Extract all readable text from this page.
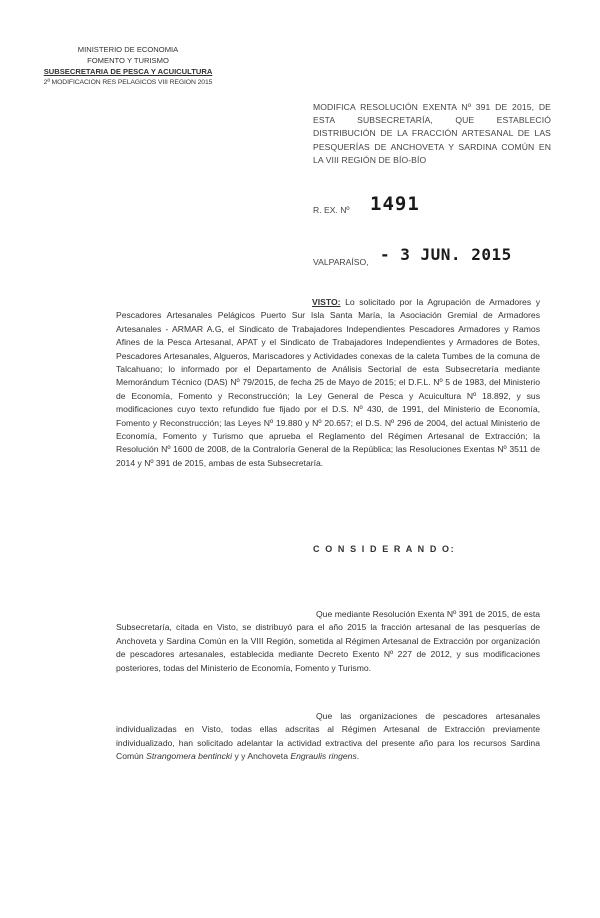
MINISTERIO DE ECONOMIA
FOMENTO Y TURISMO
SUBSECRETARIA DE PESCA Y ACUICULTURA
2ª MODIFICACION RES PELAGICOS VIII REGION 2015
MODIFICA RESOLUCIÓN EXENTA Nº 391 DE 2015, DE ESTA SUBSECRETARÍA, QUE ESTABLECIÓ DISTRIBUCIÓN DE LA FRACCIÓN ARTESANAL DE LAS PESQUERÍAS DE ANCHOVETA Y SARDINA COMÚN EN LA VIII REGIÓN DE BÍO-BÍO
R. EX. Nº 1491
VALPARAÍSO, - 3 JUN. 2015
VISTO: Lo solicitado por la Agrupación de Armadores y Pescadores Artesanales Pelágicos Puerto Sur Isla Santa María, la Asociación Gremial de Armadores Artesanales - ARMAR A.G, el Sindicato de Trabajadores Independientes Pescadores Armadores y Ramos Afines de la Pesca Artesanal, APAT y el Sindicato de Trabajadores Independientes y Armadores de Botes, Pescadores Artesanales, Algueros, Mariscadores y Actividades conexas de la caleta Tumbes de la comuna de Talcahuano; lo informado por el Departamento de Análisis Sectorial de esta Subsecretaría mediante Memorándum Técnico (DAS) Nº 79/2015, de fecha 25 de Mayo de 2015; el D.F.L. Nº 5 de 1983, del Ministerio de Economía, Fomento y Reconstrucción; la Ley General de Pesca y Acuicultura Nº 18.892, y sus modificaciones cuyo texto refundido fue fijado por el D.S. Nº 430, de 1991, del Ministerio de Economía, Fomento y Reconstrucción; las Leyes Nº 19.880 y Nº 20.657; el D.S. Nº 296 de 2004, del actual Ministerio de Economía, Fomento y Turismo que aprueba el Reglamento del Régimen Artesanal de Extracción; la Resolución Nº 1600 de 2008, de la Contraloría General de la República; las Resoluciones Exentas Nº 3511 de 2014 y Nº 391 de 2015, ambas de esta Subsecretaría.
C O N S I D E R A N D O:
Que mediante Resolución Exenta Nº 391 de 2015, de esta Subsecretaría, citada en Visto, se distribuyó para el año 2015 la fracción artesanal de las pesquerías de Anchoveta y Sardina Común en la VIII Región, sometida al Régimen Artesanal de Extracción por organización de pescadores artesanales, establecida mediante Decreto Exento Nº 227 de 2012, y sus modificaciones posteriores, todas del Ministerio de Economía, Fomento y Turismo.
Que las organizaciones de pescadores artesanales individualizadas en Visto, todas ellas adscritas al Régimen Artesanal de Extracción previamente individualizado, han solicitado adelantar la actividad extractiva del presente año para los recursos Sardina Común Strangomera bentincki y y Anchoveta Engraulis ringens.
